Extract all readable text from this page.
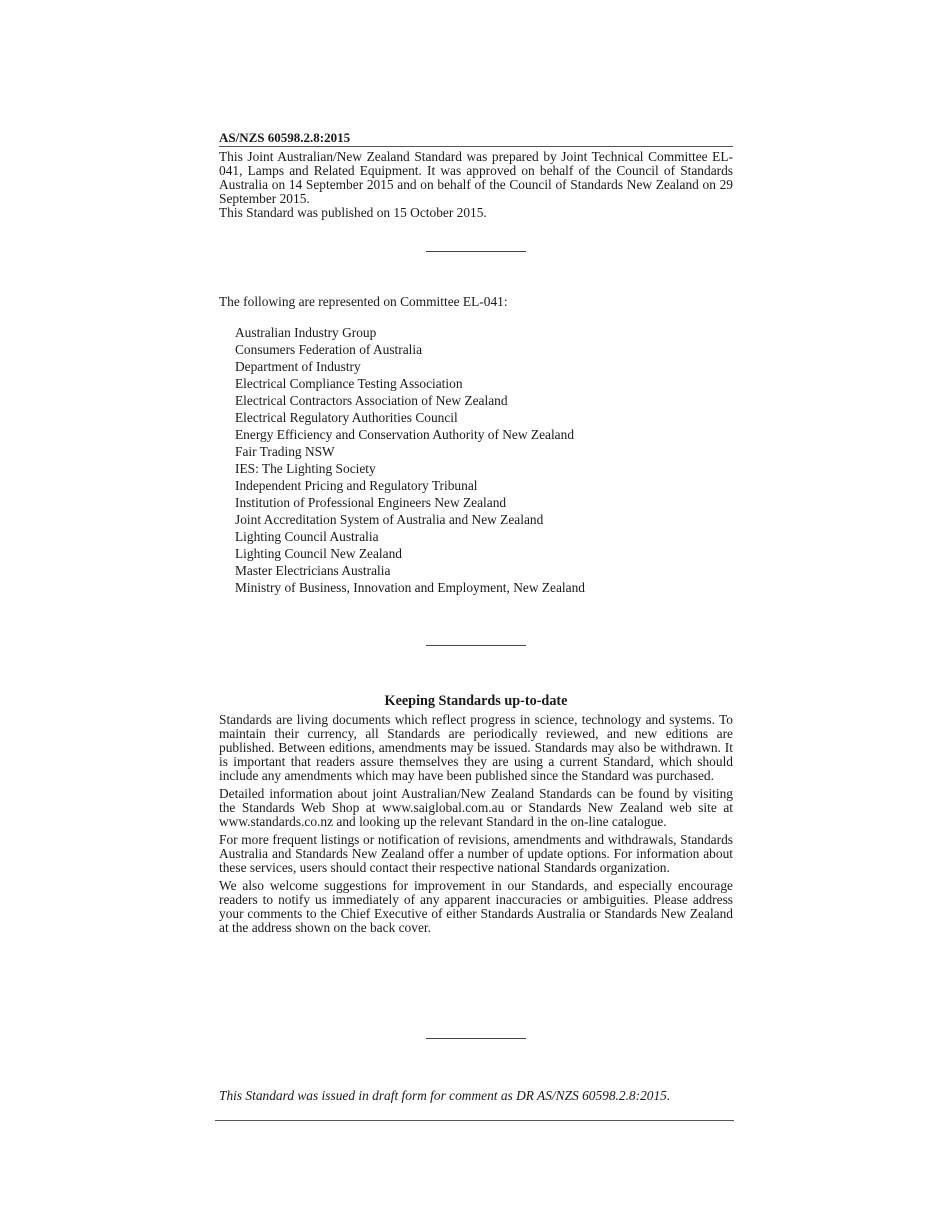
AS/NZS 60598.2.8:2015

This Joint Australian/New Zealand Standard was prepared by Joint Technical Committee EL-041, Lamps and Related Equipment. It was approved on behalf of the Council of Standards Australia on 14 September 2015 and on behalf of the Council of Standards New Zealand on 29 September 2015.

This Standard was published on 15 October 2015.

The following are represented on Committee EL-041:

Australian Industry Group
Consumers Federation of Australia
Department of Industry
Electrical Compliance Testing Association
Electrical Contractors Association of New Zealand
Electrical Regulatory Authorities Council
Energy Efficiency and Conservation Authority of New Zealand
Fair Trading NSW
IES: The Lighting Society
Independent Pricing and Regulatory Tribunal
Institution of Professional Engineers New Zealand
Joint Accreditation System of Australia and New Zealand
Lighting Council Australia
Lighting Council New Zealand
Master Electricians Australia
Ministry of Business, Innovation and Employment, New Zealand
Keeping Standards up-to-date

Standards are living documents which reflect progress in science, technology and systems. To maintain their currency, all Standards are periodically reviewed, and new editions are published. Between editions, amendments may be issued. Standards may also be withdrawn. It is important that readers assure themselves they are using a current Standard, which should include any amendments which may have been published since the Standard was purchased.

Detailed information about joint Australian/New Zealand Standards can be found by visiting the Standards Web Shop at www.saiglobal.com.au or Standards New Zealand web site at www.standards.co.nz and looking up the relevant Standard in the on-line catalogue.

For more frequent listings or notification of revisions, amendments and withdrawals, Standards Australia and Standards New Zealand offer a number of update options. For information about these services, users should contact their respective national Standards organization.

We also welcome suggestions for improvement in our Standards, and especially encourage readers to notify us immediately of any apparent inaccuracies or ambiguities. Please address your comments to the Chief Executive of either Standards Australia or Standards New Zealand at the address shown on the back cover.

This Standard was issued in draft form for comment as DR AS/NZS 60598.2.8:2015.
